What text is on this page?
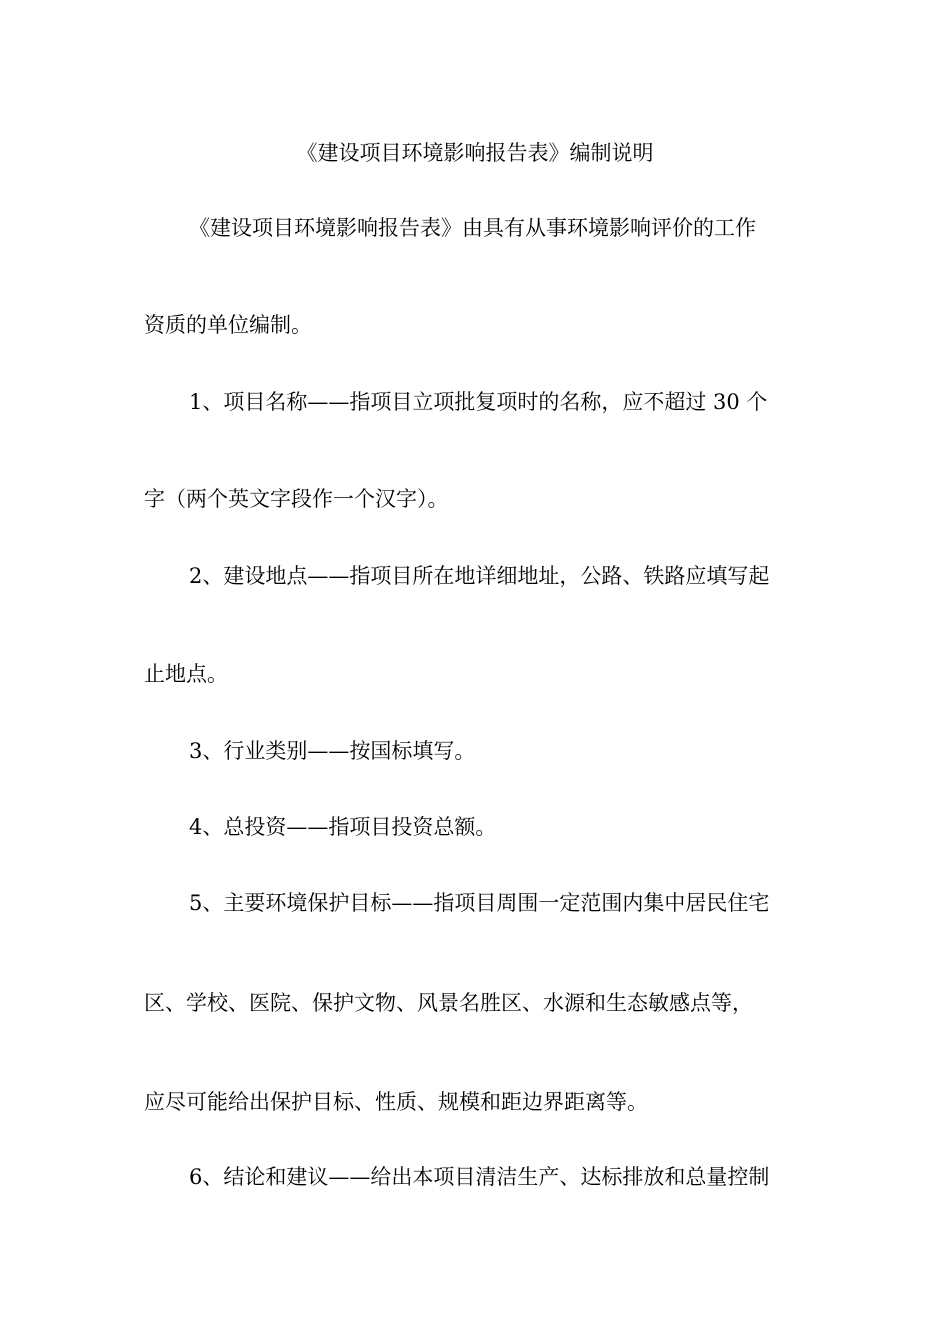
《建设项目环境影响报告表》编制说明
《建设项目环境影响报告表》由具有从事环境影响评价的工作
资质的单位编制。
1、项目名称——指项目立项批复项时的名称，应不超过 30 个
字（两个英文字段作一个汉字）。
2、建设地点——指项目所在地详细地址，公路、铁路应填写起
止地点。
3、行业类别——按国标填写。
4、总投资——指项目投资总额。
5、主要环境保护目标——指项目周围一定范围内集中居民住宅
区、学校、医院、保护文物、风景名胜区、水源和生态敏感点等，
应尽可能给出保护目标、性质、规模和距边界距离等。
6、结论和建议——给出本项目清洁生产、达标排放和总量控制
